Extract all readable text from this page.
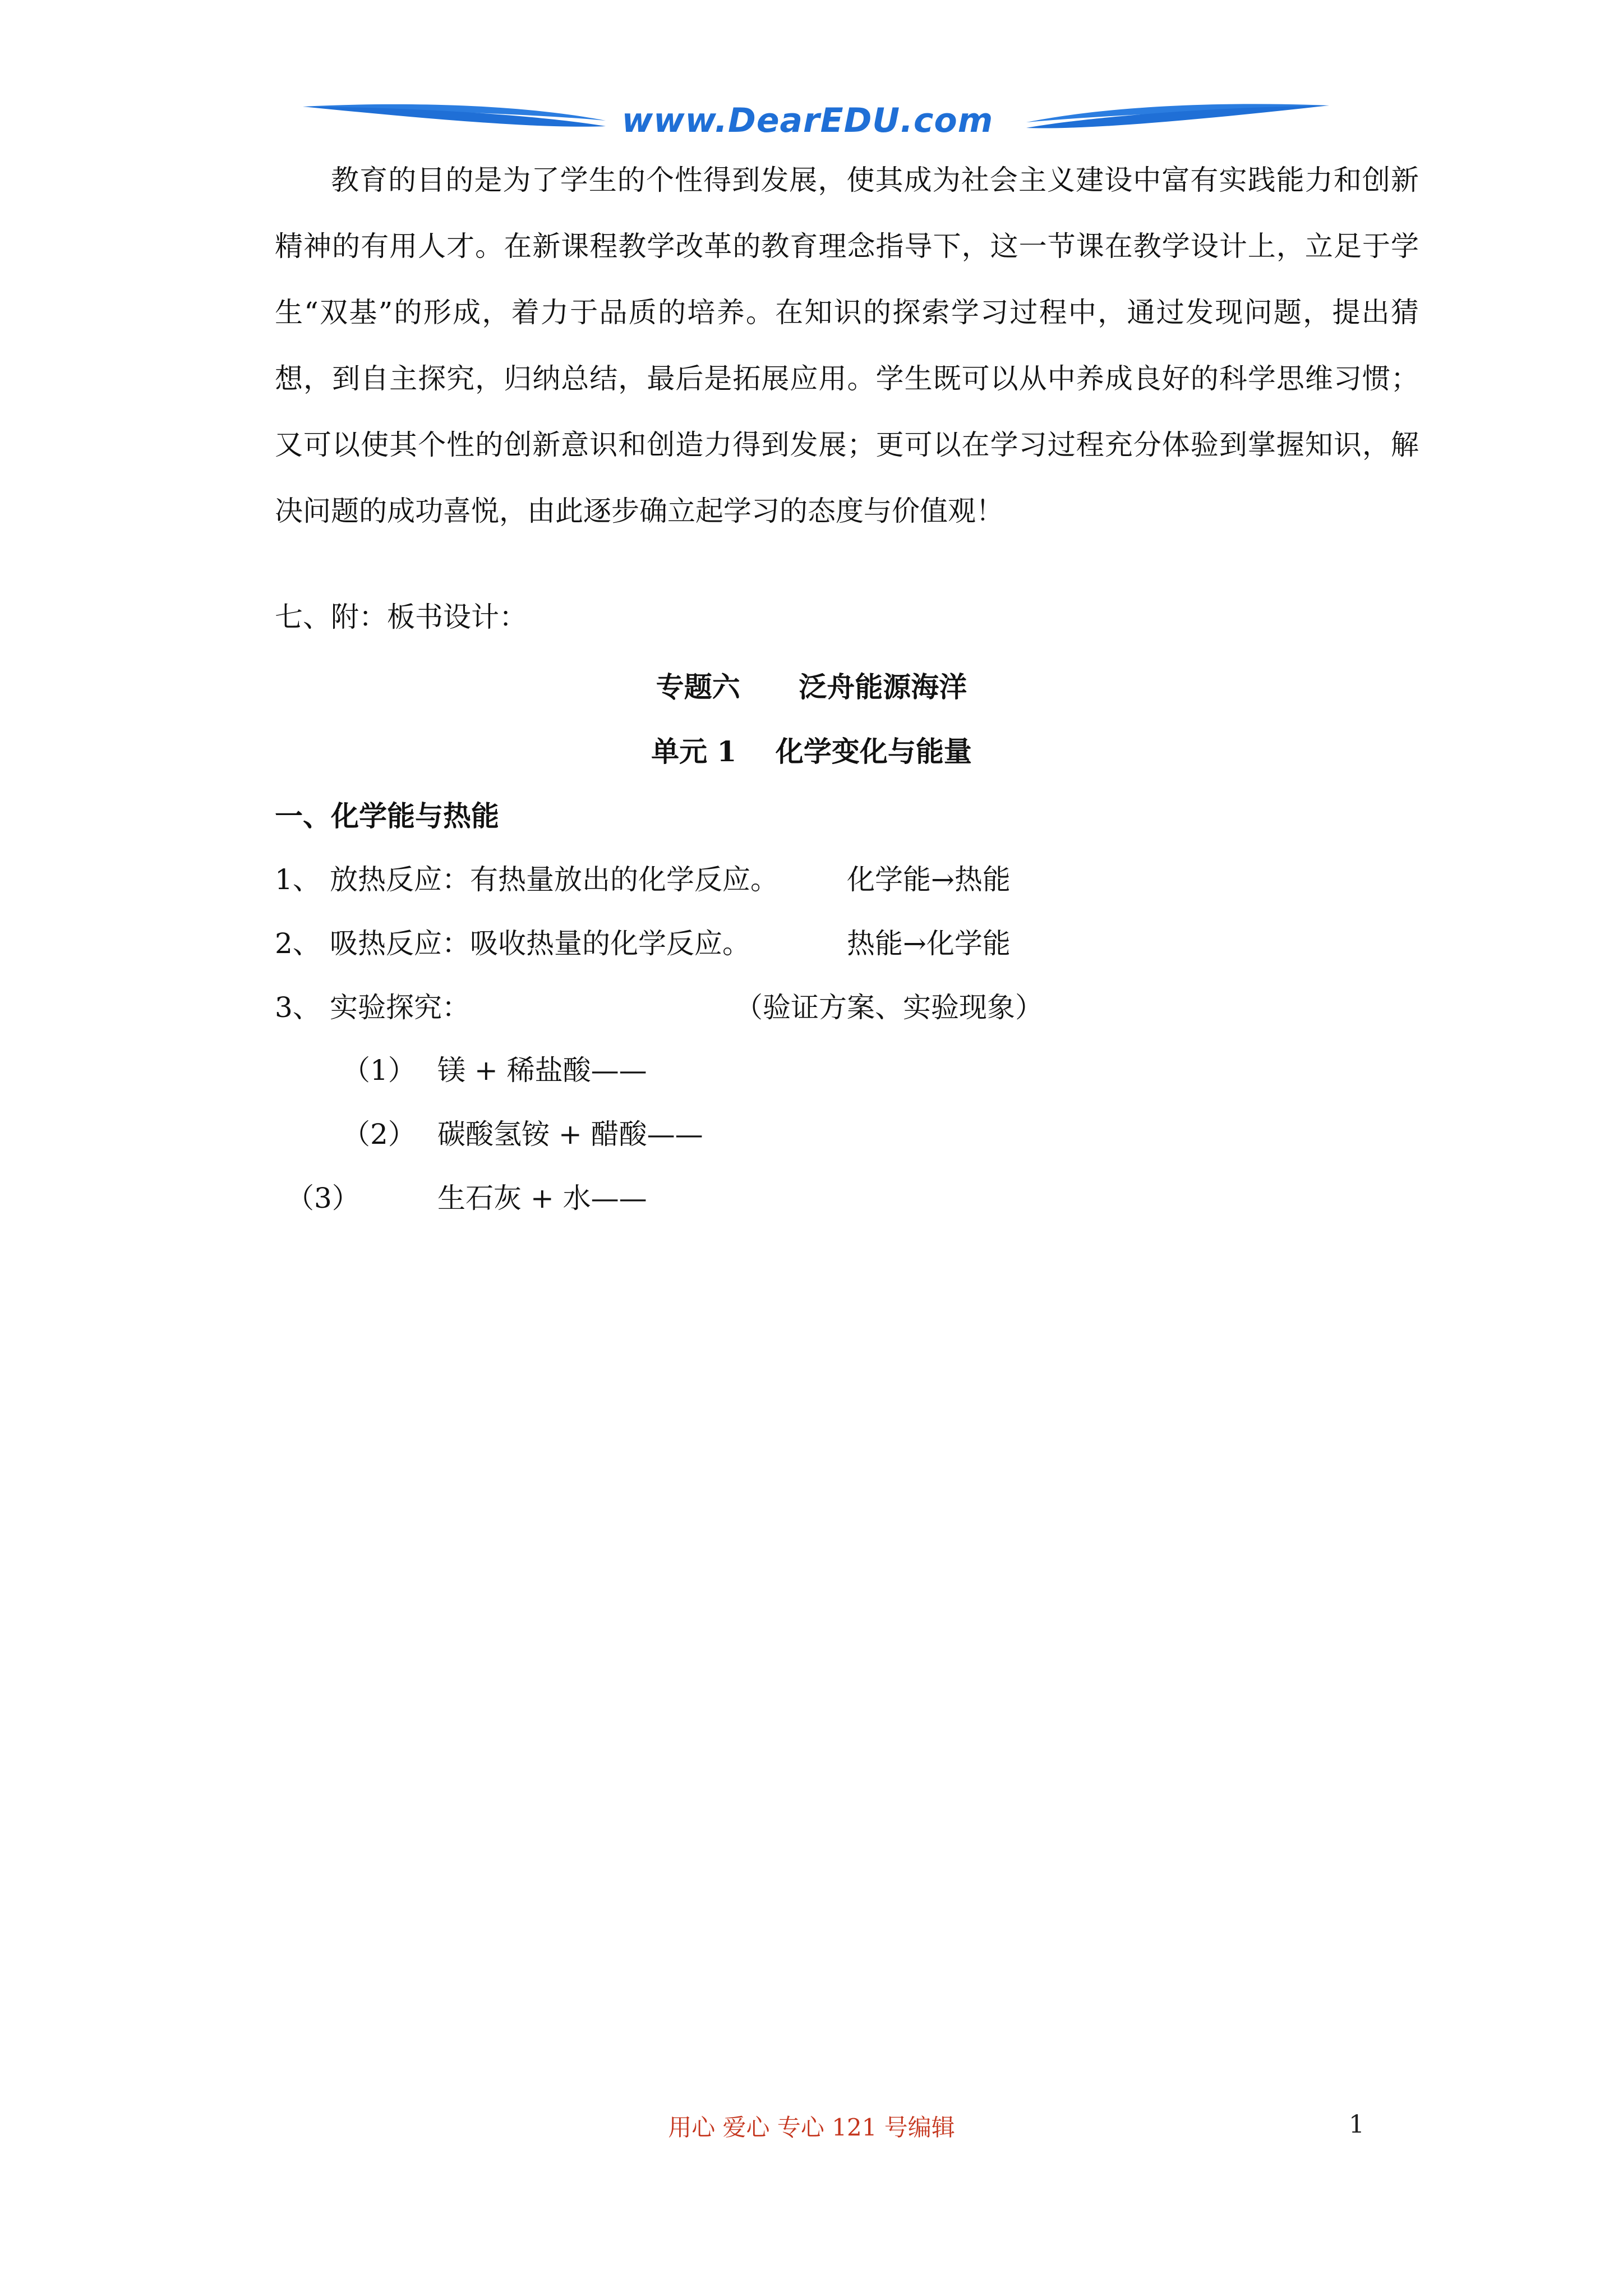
www.DearEDU.com
教育的目的是为了学生的个性得到发展，使其成为社会主义建设中富有实践能力和创新精神的有用人才。在新课程教学改革的教育理念指导下，这一节课在教学设计上，立足于学生“双基”的形成，着力于品质的培养。在知识的探索学习过程中，通过发现问题，提出猜想，到自主探究，归纳总结，最后是拓展应用。学生既可以从中养成良好的科学思维习惯；又可以使其个性的创新意识和创造力得到发展；更可以在学习过程充分体验到掌握知识，解决问题的成功喜悦，由此逐步确立起学习的态度与价值观！
七、附：板书设计：
专题六      泛舟能源海洋
单元 1    化学变化与能量
一、化学能与热能
1、 放热反应：有热量放出的化学反应。 化学能→热能
2、 吸热反应：吸收热量的化学反应。	热能→化学能
3、 实验探究：	（验证方案、实验现象）
（1） 镁 + 稀盐酸——
（2） 碳酸氢铵 + 醋酸——
（3）	生石灰 + 水——
用心 爱心 专心 121 号编辑	1
